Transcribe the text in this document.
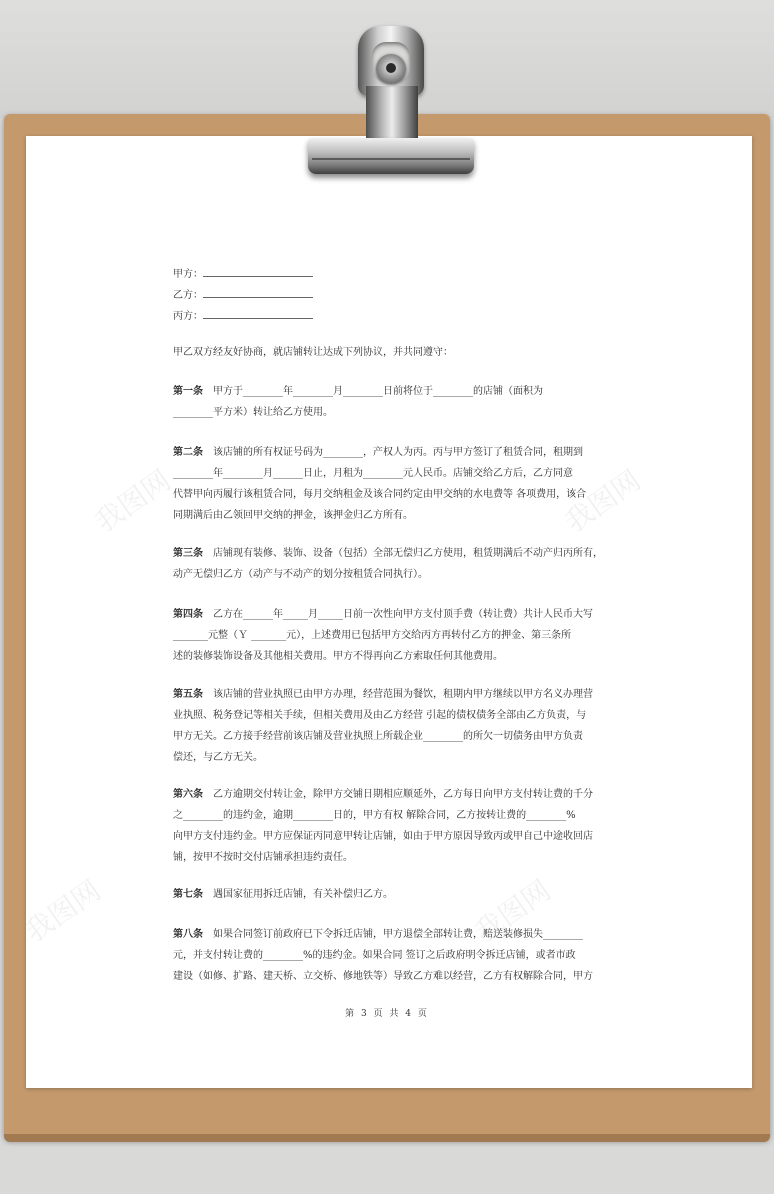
我图网	我图网
我图网	我图网
甲方：
乙方：
丙方：
甲乙双方经友好协商，就店铺转让达成下列协议，并共同遵守：
第一条 甲方于________年________月________日前将位于________的店铺（面积为
________平方米）转让给乙方使用。
第二条 该店铺的所有权证号码为________，产权人为丙。丙与甲方签订了租赁合同，租期到
________年________月______日止，月租为________元人民币。店铺交给乙方后，乙方同意
代替甲向丙履行该租赁合同，每月交纳租金及该合同约定由甲交纳的水电费等 各项费用，该合
同期满后由乙领回甲交纳的押金，该押金归乙方所有。
第三条 店铺现有装修、装饰、设备（包括）全部无偿归乙方使用，租赁期满后不动产归丙所有，
动产无偿归乙方（动产与不动产的划分按租赁合同执行）。
第四条 乙方在______年_____月_____日前一次性向甲方支付顶手费（转让费）共计人民币大写
_______元整（Ｙ _______元），上述费用已包括甲方交给丙方再转付乙方的押金、第三条所
述的装修装饰设备及其他相关费用。甲方不得再向乙方索取任何其他费用。
第五条 该店铺的营业执照已由甲方办理，经营范围为餐饮，租期内甲方继续以甲方名义办理营
业执照、税务登记等相关手续，但相关费用及由乙方经营 引起的债权债务全部由乙方负责，与
甲方无关。乙方接手经营前该店铺及营业执照上所载企业________的所欠一切债务由甲方负责
偿还，与乙方无关。
第六条 乙方逾期交付转让金，除甲方交铺日期相应顺延外，乙方每日向甲方支付转让费的千分
之________的违约金，逾期________日的，甲方有权 解除合同，乙方按转让费的________%
向甲方支付违约金。甲方应保证丙同意甲转让店铺，如由于甲方原因导致丙或甲自己中途收回店
铺，按甲不按时交付店铺承担违约责任。
第七条 遇国家征用拆迁店铺，有关补偿归乙方。
第八条 如果合同签订前政府已下令拆迁店铺，甲方退偿全部转让费，赔送装修损失________
元，并支付转让费的________%的违约金。如果合同 签订之后政府明令拆迁店铺，或者市政
建设（如修、扩路、建天桥、立交桥、修地铁等）导致乙方难以经营，乙方有权解除合同，甲方
第 3 页 共 4 页
